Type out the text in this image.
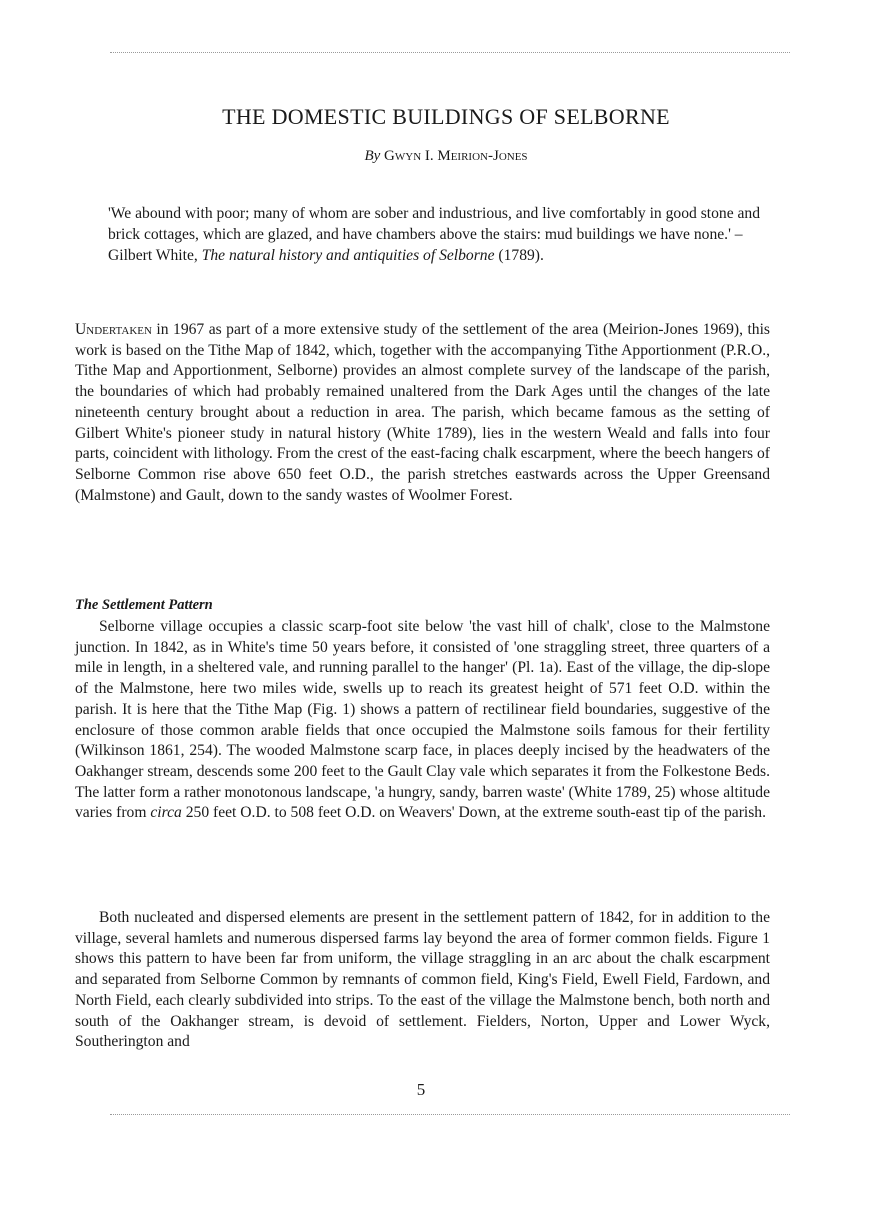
THE DOMESTIC BUILDINGS OF SELBORNE

By Gwyn I. Meirion-Jones

'We abound with poor; many of whom are sober and industrious, and live comfortably in good stone and brick cottages, which are glazed, and have chambers above the stairs: mud buildings we have none.' – Gilbert White, The natural history and antiquities of Selborne (1789).

Undertaken in 1967 as part of a more extensive study of the settlement of the area (Meirion-Jones 1969), this work is based on the Tithe Map of 1842, which, together with the accompanying Tithe Apportionment (P.R.O., Tithe Map and Apportionment, Selborne) provides an almost complete survey of the landscape of the parish, the boundaries of which had probably remained unaltered from the Dark Ages until the changes of the late nineteenth century brought about a reduction in area. The parish, which became famous as the setting of Gilbert White's pioneer study in natural history (White 1789), lies in the western Weald and falls into four parts, coincident with lithology. From the crest of the east-facing chalk escarpment, where the beech hangers of Selborne Common rise above 650 feet O.D., the parish stretches eastwards across the Upper Greensand (Malmstone) and Gault, down to the sandy wastes of Woolmer Forest.

The Settlement Pattern

Selborne village occupies a classic scarp-foot site below 'the vast hill of chalk', close to the Malmstone junction. In 1842, as in White's time 50 years before, it consisted of 'one straggling street, three quarters of a mile in length, in a sheltered vale, and running parallel to the hanger' (Pl. 1a). East of the village, the dip-slope of the Malmstone, here two miles wide, swells up to reach its greatest height of 571 feet O.D. within the parish. It is here that the Tithe Map (Fig. 1) shows a pattern of rectilinear field boundaries, suggestive of the enclosure of those common arable fields that once occupied the Malmstone soils famous for their fertility (Wilkinson 1861, 254). The wooded Malmstone scarp face, in places deeply incised by the headwaters of the Oakhanger stream, descends some 200 feet to the Gault Clay vale which separates it from the Folkestone Beds. The latter form a rather monotonous landscape, 'a hungry, sandy, barren waste' (White 1789, 25) whose altitude varies from circa 250 feet O.D. to 508 feet O.D. on Weavers' Down, at the extreme south-east tip of the parish.

Both nucleated and dispersed elements are present in the settlement pattern of 1842, for in addition to the village, several hamlets and numerous dispersed farms lay beyond the area of former common fields. Figure 1 shows this pattern to have been far from uniform, the village straggling in an arc about the chalk escarpment and separated from Selborne Common by remnants of common field, King's Field, Ewell Field, Fardown, and North Field, each clearly subdivided into strips. To the east of the village the Malmstone bench, both north and south of the Oakhanger stream, is devoid of settlement. Fielders, Norton, Upper and Lower Wyck, Southerington and

5
